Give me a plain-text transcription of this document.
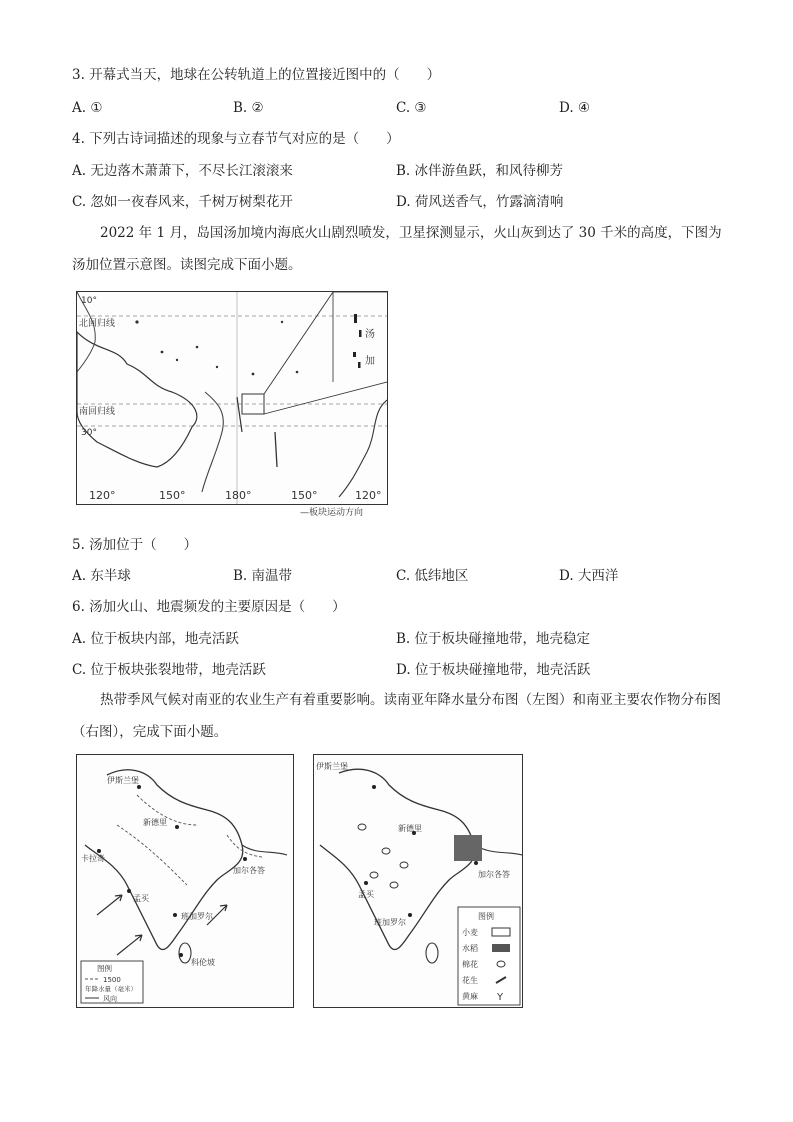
3. 开幕式当天，地球在公转轨道上的位置接近图中的（　　）
A. ①	B. ②	C. ③	D. ④
4. 下列古诗词描述的现象与立春节气对应的是（　　）
A. 无边落木萧萧下，不尽长江滚滚来	B. 冰伴游鱼跃，和风待柳芳
C. 忽如一夜春风来，千树万树梨花开	D. 荷风送香气，竹露滴清响
2022 年 1 月，岛国汤加境内海底火山剧烈喷发，卫星探测显示，火山灰到达了 30 千米的高度，下图为汤加位置示意图。读图完成下面小题。
10°
北回归线
南回归线
30°
汤
加
120°	150°	180°	150°	120°
—板块运动方向
5. 汤加位于（　　）
A. 东半球	B. 南温带	C. 低纬地区	D. 大西洋
6. 汤加火山、地震频发的主要原因是（　　）
A. 位于板块内部，地壳活跃	B. 位于板块碰撞地带，地壳稳定
C. 位于板块张裂地带，地壳活跃	D. 位于板块碰撞地带，地壳活跃
热带季风气候对南亚的农业生产有着重要影响。读南亚年降水量分布图（左图）和南亚主要农作物分布图（右图），完成下面小题。
伊斯兰堡
新德里
卡拉奇
加尔各答
孟买
班加罗尔
科伦坡
图例
1500
年降水量（毫米）
风向
伊斯兰堡
新德里
孟买
加尔各答
班加罗尔
图例
小麦
水稻
棉花
花生
黄麻 Y
